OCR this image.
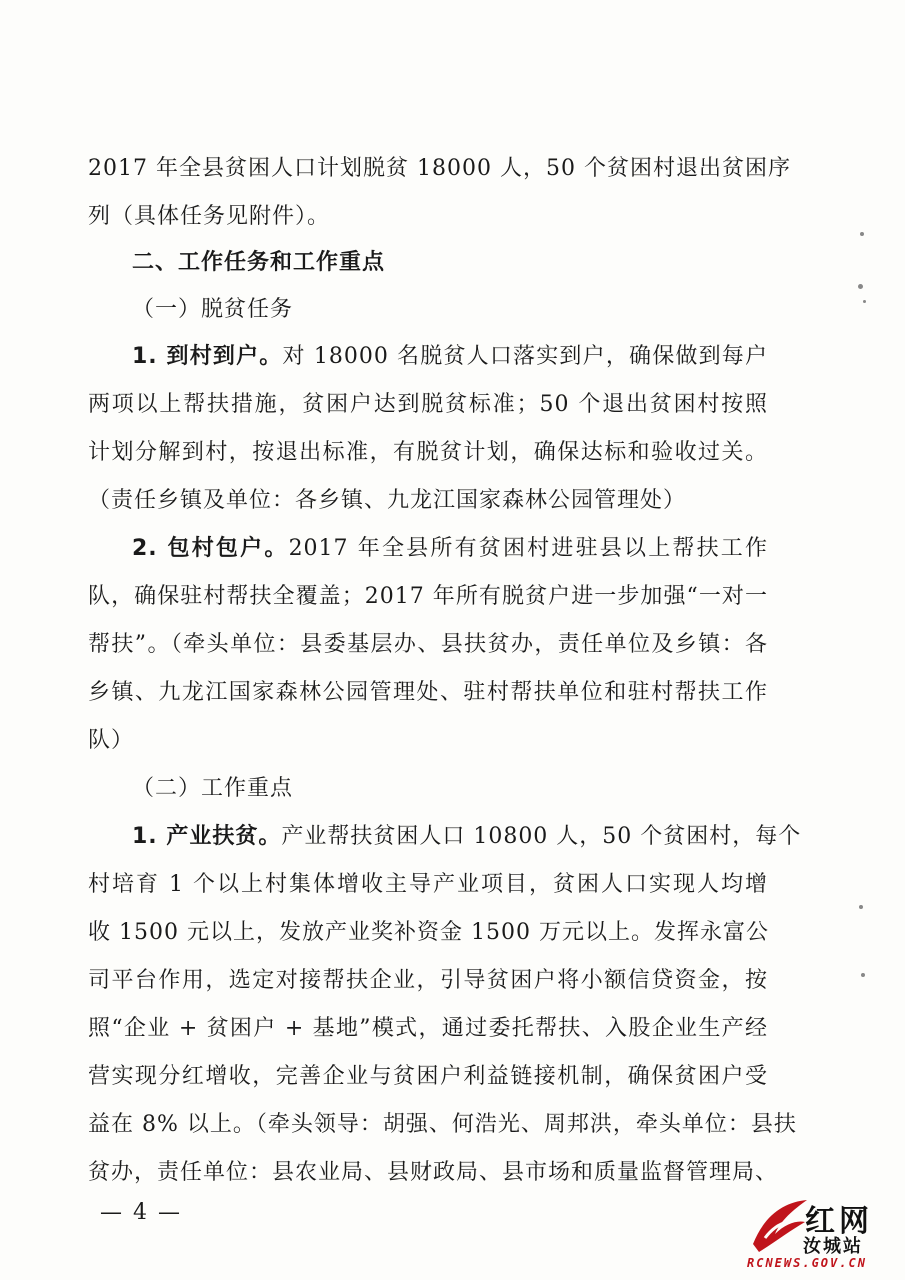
2017 年全县贫困人口计划脱贫 18000 人，50 个贫困村退出贫困序
列（具体任务见附件）。
二、工作任务和工作重点
（一）脱贫任务
1. 到村到户。对 18000 名脱贫人口落实到户，确保做到每户
两项以上帮扶措施，贫困户达到脱贫标准；50 个退出贫困村按照
计划分解到村，按退出标准，有脱贫计划，确保达标和验收过关。
（责任乡镇及单位：各乡镇、九龙江国家森林公园管理处）
2. 包村包户。2017 年全县所有贫困村进驻县以上帮扶工作
队，确保驻村帮扶全覆盖；2017 年所有脱贫户进一步加强“一对一
帮扶”。（牵头单位：县委基层办、县扶贫办，责任单位及乡镇：各
乡镇、九龙江国家森林公园管理处、驻村帮扶单位和驻村帮扶工作
队）
（二）工作重点
1. 产业扶贫。产业帮扶贫困人口 10800 人，50 个贫困村，每个
村培育 1 个以上村集体增收主导产业项目，贫困人口实现人均增
收 1500 元以上，发放产业奖补资金 1500 万元以上。发挥永富公
司平台作用，选定对接帮扶企业，引导贫困户将小额信贷资金，按
照“企业 + 贫困户 + 基地”模式，通过委托帮扶、入股企业生产经
营实现分红增收，完善企业与贫困户利益链接机制，确保贫困户受
益在 8% 以上。（牵头领导：胡强、何浩光、周邦洪，牵头单位：县扶
贫办，责任单位：县农业局、县财政局、县市场和质量监督管理局、
— 4 —	红网
汝城站
RCNEWS.GOV.CN
